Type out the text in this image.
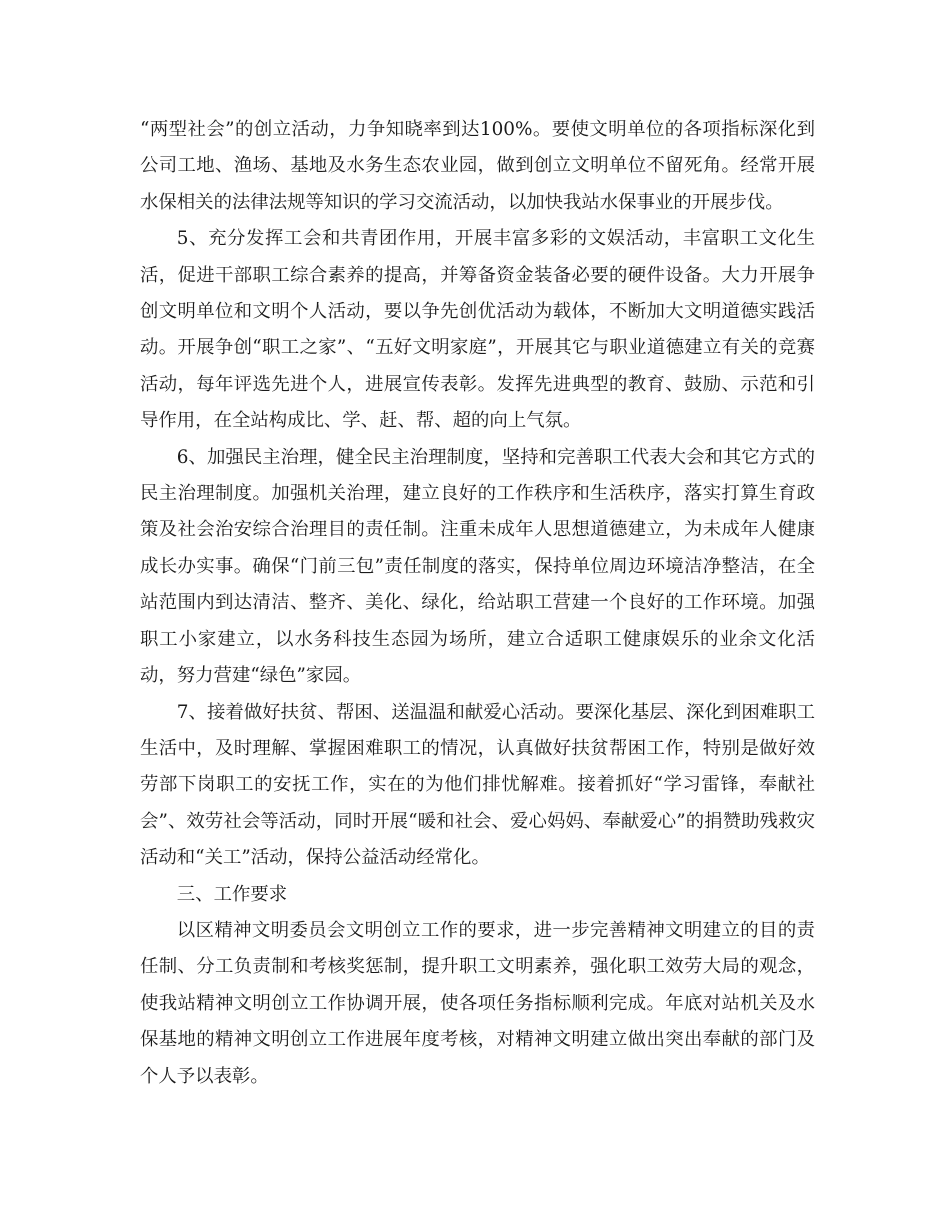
“两型社会”的创立活动，力争知晓率到达100%。要使文明单位的各项指标深化到公司工地、渔场、基地及水务生态农业园，做到创立文明单位不留死角。经常开展水保相关的法律法规等知识的学习交流活动，以加快我站水保事业的开展步伐。

5、充分发挥工会和共青团作用，开展丰富多彩的文娱活动，丰富职工文化生活，促进干部职工综合素养的提高，并筹备资金装备必要的硬件设备。大力开展争创文明单位和文明个人活动，要以争先创优活动为载体，不断加大文明道德实践活动。开展争创“职工之家”、“五好文明家庭”，开展其它与职业道德建立有关的竞赛活动，每年评选先进个人，进展宣传表彰。发挥先进典型的教育、鼓励、示范和引导作用，在全站构成比、学、赶、帮、超的向上气氛。

6、加强民主治理，健全民主治理制度，坚持和完善职工代表大会和其它方式的民主治理制度。加强机关治理，建立良好的工作秩序和生活秩序，落实打算生育政策及社会治安综合治理目的责任制。注重未成年人思想道德建立，为未成年人健康成长办实事。确保“门前三包”责任制度的落实，保持单位周边环境洁净整洁，在全站范围内到达清洁、整齐、美化、绿化，给站职工营建一个良好的工作环境。加强职工小家建立，以水务科技生态园为场所，建立合适职工健康娱乐的业余文化活动，努力营建“绿色”家园。

7、接着做好扶贫、帮困、送温温和献爱心活动。要深化基层、深化到困难职工生活中，及时理解、掌握困难职工的情况，认真做好扶贫帮困工作，特别是做好效劳部下岗职工的安抚工作，实在的为他们排忧解难。接着抓好“学习雷锋，奉献社会”、效劳社会等活动，同时开展“暖和社会、爱心妈妈、奉献爱心”的捐赞助残救灾活动和“关工”活动，保持公益活动经常化。

三、工作要求

以区精神文明委员会文明创立工作的要求，进一步完善精神文明建立的目的责任制、分工负责制和考核奖惩制，提升职工文明素养，强化职工效劳大局的观念，使我站精神文明创立工作协调开展，使各项任务指标顺利完成。年底对站机关及水保基地的精神文明创立工作进展年度考核，对精神文明建立做出突出奉献的部门及个人予以表彰。
